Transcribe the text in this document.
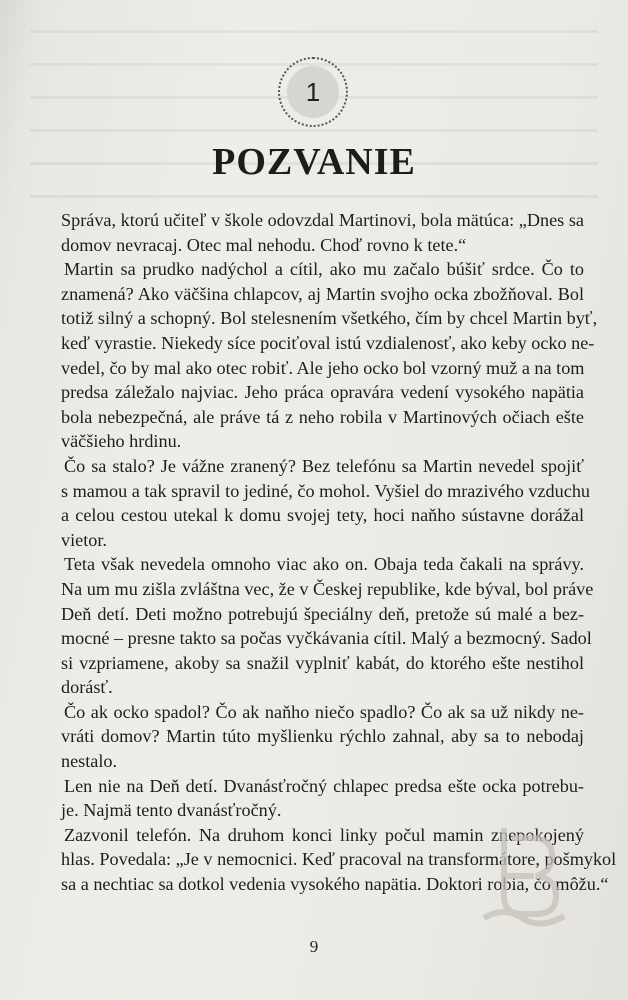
1
POZVANIE
Správa, ktorú učiteľ v škole odovzdal Martinovi, bola mätúca: „Dnes sa
domov nevracaj. Otec mal nehodu. Choď rovno k tete.“
Martin sa prudko nadýchol a cítil, ako mu začalo búšiť srdce. Čo to
znamená? Ako väčšina chlapcov, aj Martin svojho ocka zbožňoval. Bol
totiž silný a schopný. Bol stelesnením všetkého, čím by chcel Martin byť,
keď vyrastie. Niekedy síce pociťoval istú vzdialenosť, ako keby ocko ne-
vedel, čo by mal ako otec robiť. Ale jeho ocko bol vzorný muž a na tom
predsa záležalo najviac. Jeho práca opravára vedení vysokého napätia
bola nebezpečná, ale práve tá z neho robila v Martinových očiach ešte
väčšieho hrdinu.
Čo sa stalo? Je vážne zranený? Bez telefónu sa Martin nevedel spojiť
s mamou a tak spravil to jediné, čo mohol. Vyšiel do mrazivého vzduchu
a celou cestou utekal k domu svojej tety, hoci naňho sústavne dorážal
vietor.
Teta však nevedela omnoho viac ako on. Obaja teda čakali na správy.
Na um mu zišla zvláštna vec, že v Českej republike, kde býval, bol práve
Deň detí. Deti možno potrebujú špeciálny deň, pretože sú malé a bez-
mocné – presne takto sa počas vyčkávania cítil. Malý a bezmocný. Sadol
si vzpriamene, akoby sa snažil vyplniť kabát, do ktorého ešte nestihol
dorásť.
Čo ak ocko spadol? Čo ak naňho niečo spadlo? Čo ak sa už nikdy ne-
vráti domov? Martin túto myšlienku rýchlo zahnal, aby sa to nebodaj
nestalo.
Len nie na Deň detí. Dvanásťročný chlapec predsa ešte ocka potrebu-
je. Najmä tento dvanásťročný.
Zazvonil telefón. Na druhom konci linky počul mamin znepokojený
hlas. Povedala: „Je v nemocnici. Keď pracoval na transformátore, pošmykol
sa a nechtiac sa dotkol vedenia vysokého napätia. Doktori robia, čo môžu.“
9
